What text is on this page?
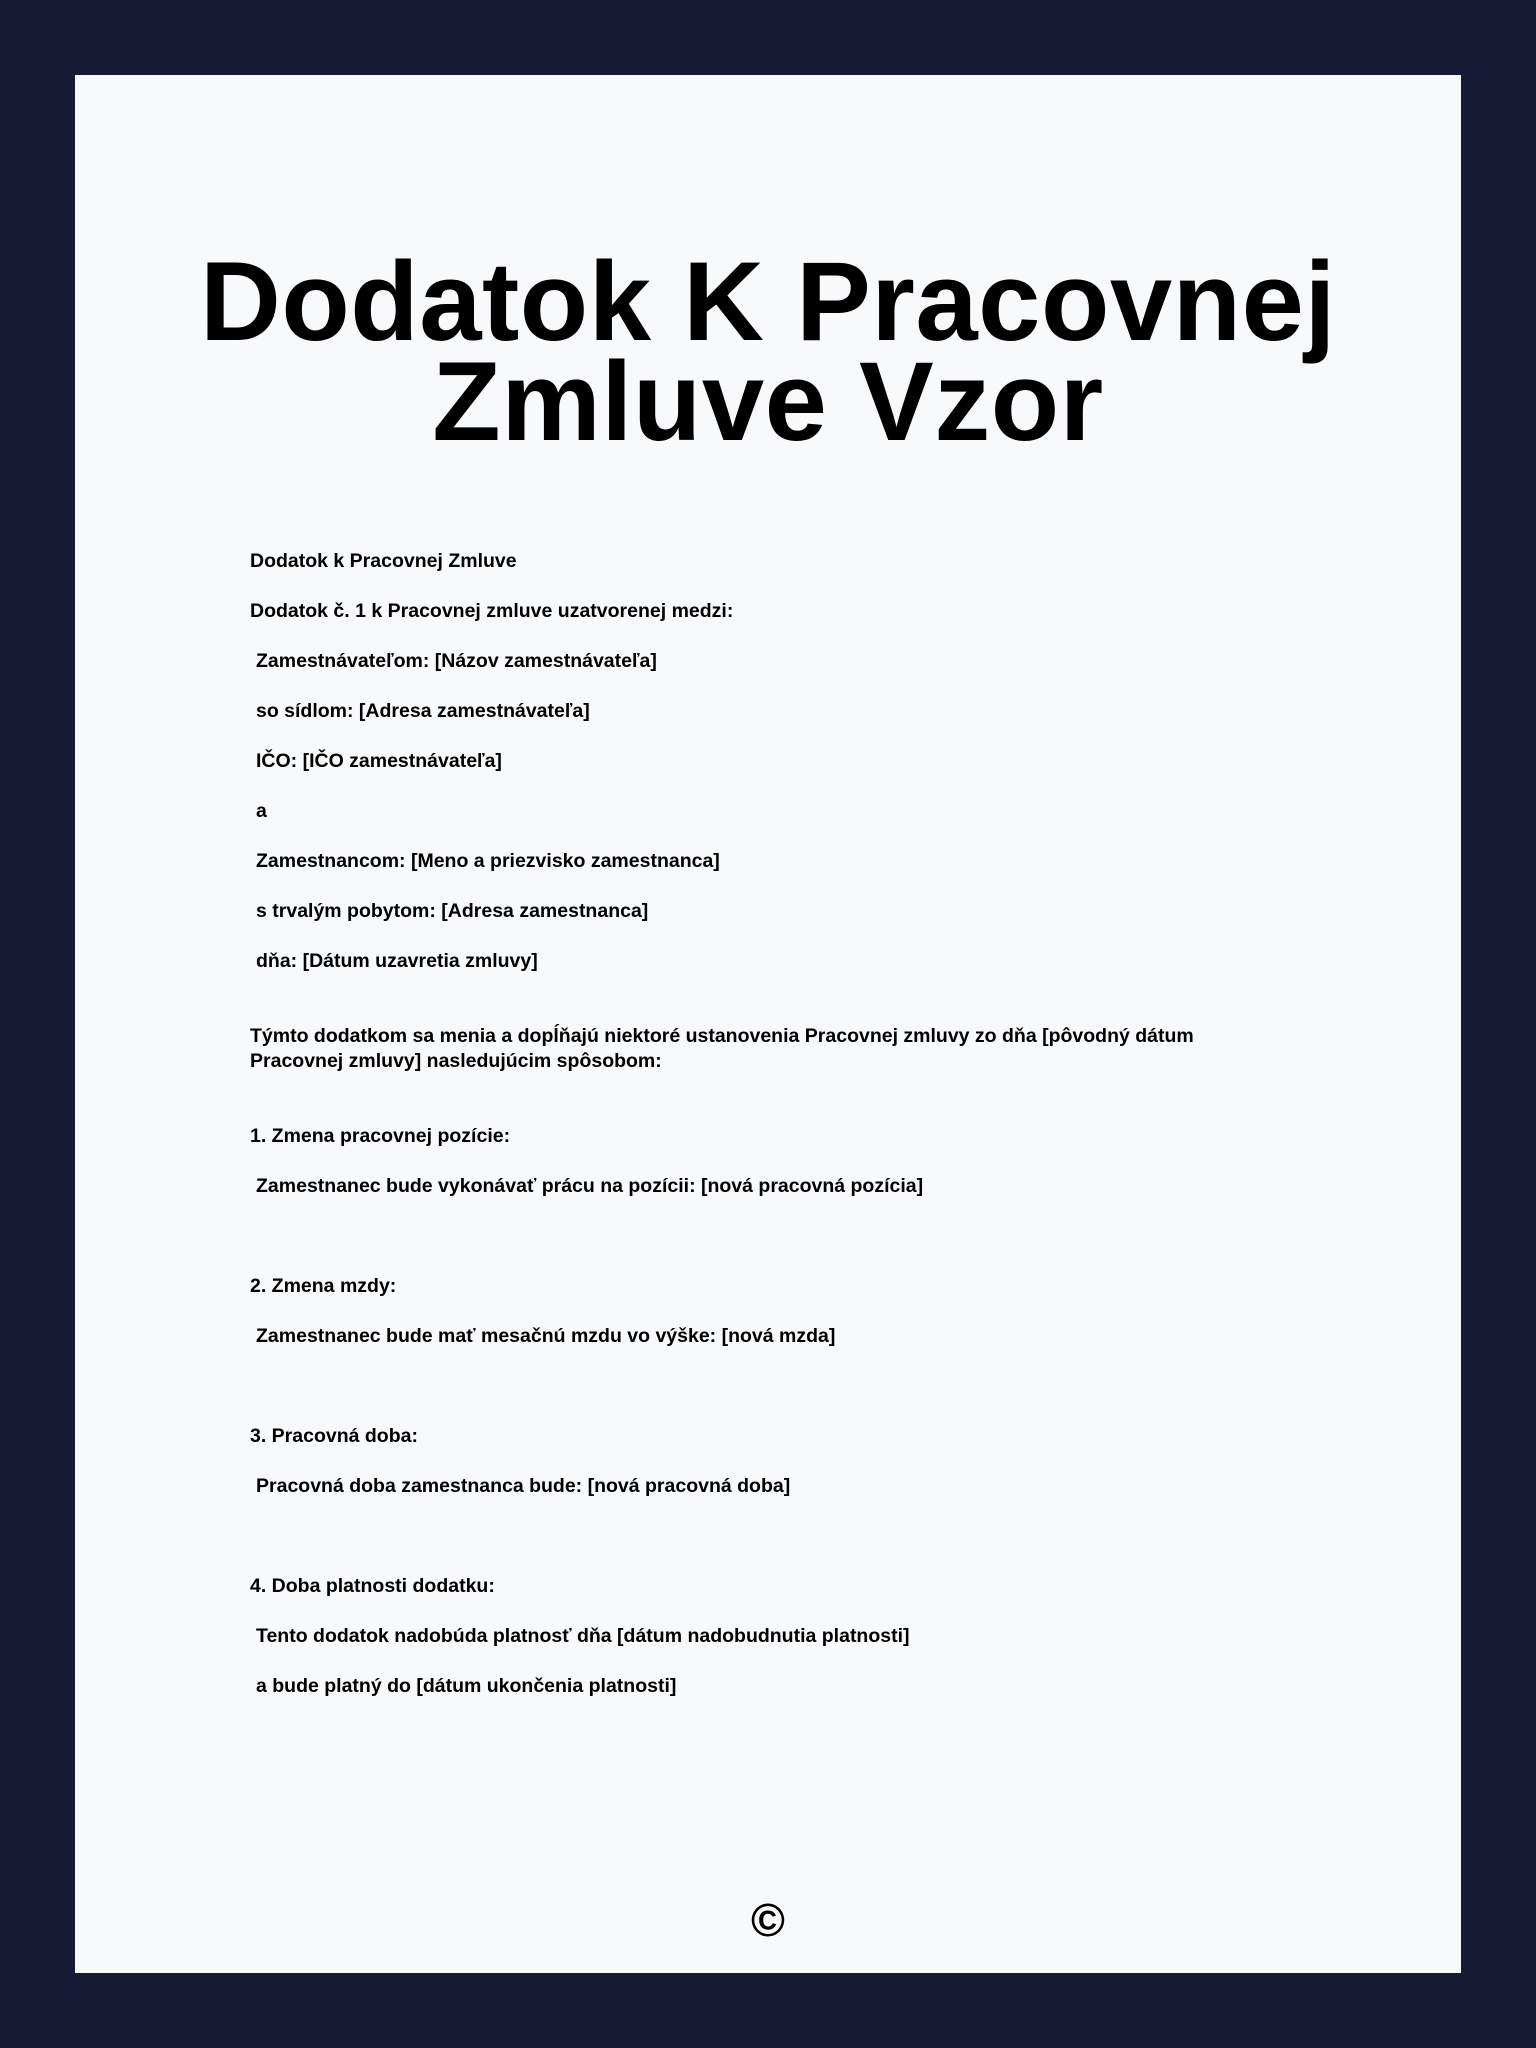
Dodatok K Pracovnej Zmluve Vzor
Dodatok k Pracovnej Zmluve
Dodatok č. 1 k Pracovnej zmluve uzatvorenej medzi:
Zamestnávateľom: [Názov zamestnávateľa]
so sídlom: [Adresa zamestnávateľa]
IČO: [IČO zamestnávateľa]
a
Zamestnancom: [Meno a priezvisko zamestnanca]
s trvalým pobytom: [Adresa zamestnanca]
dňa: [Dátum uzavretia zmluvy]
Týmto dodatkom sa menia a dopĺňajú niektoré ustanovenia Pracovnej zmluvy zo dňa [pôvodný dátum Pracovnej zmluvy] nasledujúcim spôsobom:
1. Zmena pracovnej pozície:
Zamestnanec bude vykonávať prácu na pozícii: [nová pracovná pozícia]
2. Zmena mzdy:
Zamestnanec bude mať mesačnú mzdu vo výške: [nová mzda]
3. Pracovná doba:
Pracovná doba zamestnanca bude: [nová pracovná doba]
4. Doba platnosti dodatku:
Tento dodatok nadobúda platnosť dňa [dátum nadobudnutia platnosti]
a bude platný do [dátum ukončenia platnosti]
©
